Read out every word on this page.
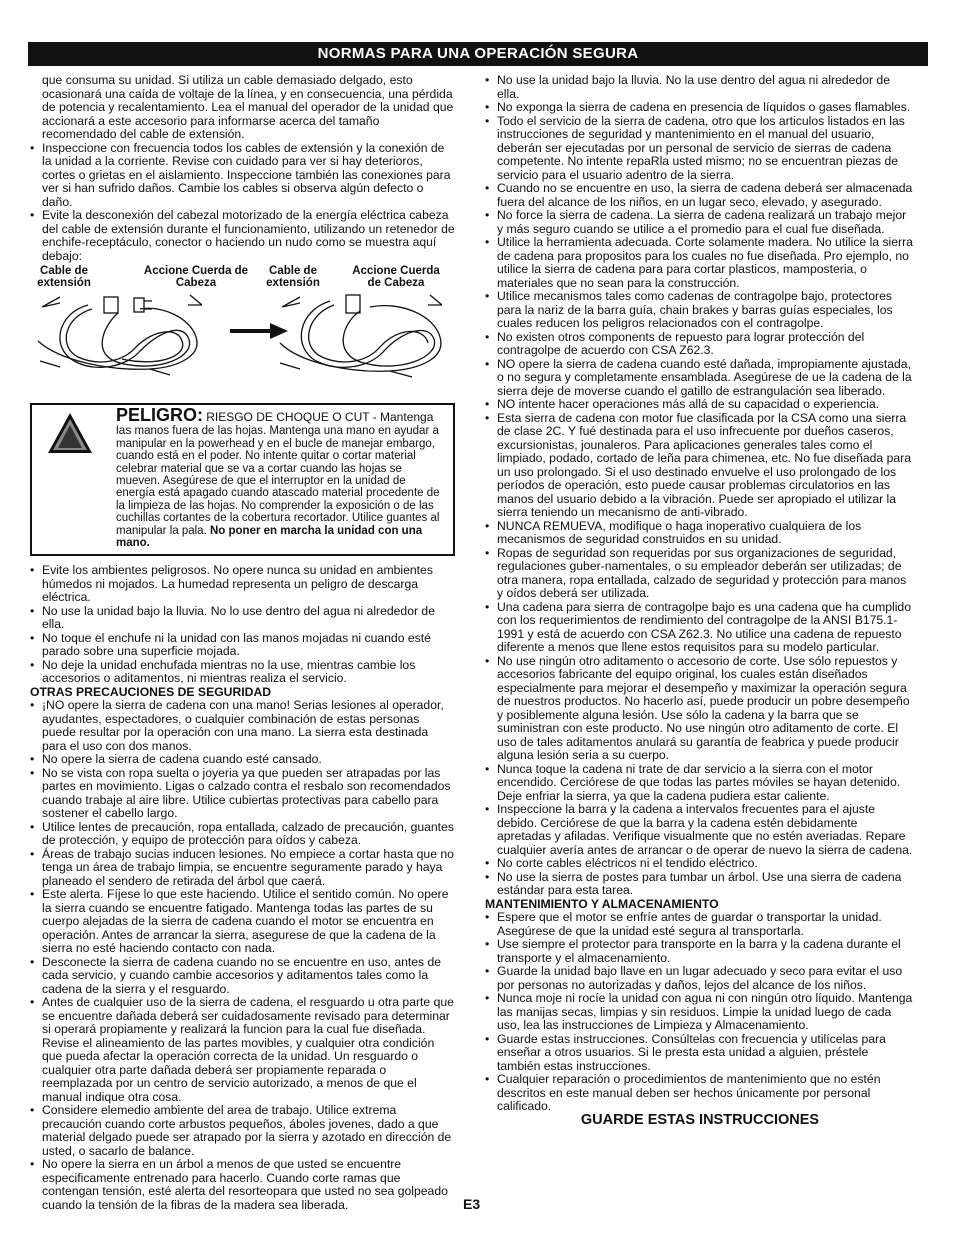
NORMAS PARA UNA OPERACIÓN SEGURA

que consuma su unidad. Si utiliza un cable demasiado delgado, esto ocasionará una caída de voltaje de la línea, y en consecuencia, una pérdida de potencia y recalentamiento. Lea el manual del operador de la unidad que accionará a este accesorio para informarse acerca del tamaño recomendado del cable de extensión.

• Inspeccione con frecuencia todos los cables de extensión y la conexión de la unidad a la corriente. Revise con cuidado para ver si hay deterioros, cortes o grietas en el aislamiento. Inspeccione también las conexiones para ver si han sufrido daños. Cambie los cables si observa algún defecto o daño.
• Evite la desconexión del cabezal motorizado de la energía eléctrica cabeza del cable de extensión durante el funcionamiento, utilizando un retenedor de enchife-receptáculo, conector o haciendo un nudo como se muestra aquí debajo:
Cable de extensión
Accione Cuerda de Cabeza
Cable de extensión
Accione Cuerda de Cabeza
PELIGRO: RIESGO DE CHOQUE O CUT - Mantenga las manos fuera de las hojas. Mantenga una mano en ayudar a manipular en la powerhead y en el bucle de manejar embargo, cuando está en el poder. No intente quitar o cortar material celebrar material que se va a cortar cuando las hojas se mueven. Asegúrese de que el interruptor en la unidad de energía está apagado cuando atascado material procedente de la limpieza de las hojas. No comprender la exposición o de las cuchillas cortantes de la cobertura recortador. Utilice guantes al manipular la pala. No poner en marcha la unidad con una mano.
• Evite los ambientes peligrosos. No opere nunca su unidad en ambientes húmedos ni mojados. La humedad representa un peligro de descarga eléctrica.
• No use la unidad bajo la lluvia. No lo use dentro del agua ni alrededor de ella.
• No toque el enchufe ni la unidad con las manos mojadas ni cuando esté parado sobre una superficie mojada.
• No deje la unidad enchufada mientras no la use, mientras cambie los accesorios o aditamentos, ni mientras realiza el servicio.

OTRAS PRECAUCIONES DE SEGURIDAD

• ¡NO opere la sierra de cadena con una mano! Serias lesiones al operador, ayudantes, espectadores, o cualquier combinación de estas personas puede resultar por la operación con una mano. La sierra esta destinada para el uso con dos manos.
• No opere la sierra de cadena cuando esté cansado.
• No se vista con ropa suelta o joyeria ya que pueden ser atrapadas por las partes en movimiento. Ligas o calzado contra el resbalo son recomendados cuando trabaje al aire libre. Utilice cubiertas protectivas para cabello para sostener el cabello largo.
• Utilice lentes de precaución, ropa entallada, calzado de precaución, guantes de protección, y equipo de protección para oídos y cabeza.
• Áreas de trabajo sucias inducen lesiones. No empiece a cortar hasta que no tenga un área de trabajo limpia, se encuentre seguramente parado y haya planeado el sendero de retirada del árbol que caerá.
• Este alerta. Fíjese lo que este haciendo. Utilice el sentido común. No opere la sierra cuando se encuentre fatigado. Mantenga todas las partes de su cuerpo alejadas de la sierra de cadena cuando el motor se encuentra en operación. Antes de arrancar la sierra, asegurese de que la cadena de la sierra no esté haciendo contacto con nada.
• Desconecte la sierra de cadena cuando no se encuentre en uso, antes de cada servicio, y cuando cambie accesorios y aditamentos tales como la cadena de la sierra y el resguardo.
• Antes de cualquier uso de la sierra de cadena, el resguardo u otra parte que se encuentre dañada deberá ser cuidadosamente revisado para determinar si operará propiamente y realizará la funcion para la cual fue diseñada. Revise el alineamiento de las partes movibles, y cualquier otra condición que pueda afectar la operación correcta de la unidad. Un resguardo o cualquier otra parte dañada deberá ser propiamente reparada o reemplazada por un centro de servicio autorizado, a menos de que el manual indique otra cosa.
• Considere elemedio ambiente del area de trabajo. Utilice extrema precaución cuando corte arbustos pequeños, áboles jovenes, dado a que material delgado puede ser atrapado por la sierra y azotado en dirección de usted, o sacarlo de balance.
• No opere la sierra en un árbol a menos de que usted se encuentre especificamente entrenado para hacerlo. Cuando corte ramas que contengan tensión, esté alerta del resorteopara que usted no sea golpeado cuando la tensión de la fibras de la madera sea liberada.
• No use la unidad bajo la lluvia. No la use dentro del agua ni alrededor de ella.
• No exponga la sierra de cadena en presencia de líquidos o gases flamables.
• Todo el servicio de la sierra de cadena, otro que los articulos listados en las instrucciones de seguridad y mantenimiento en el manual del usuario, deberán ser ejecutadas por un personal de servicio de sierras de cadena competente. No intente repaRla usted mismo; no se encuentran piezas de servicio para el usuario adentro de la sierra.
• Cuando no se encuentre en uso, la sierra de cadena deberá ser almacenada fuera del alcance de los niños, en un lugar seco, elevado, y asegurado.
• No force la sierra de cadena. La sierra de cadena realizará un trabajo mejor y más seguro cuando se utilice a el promedio para el cual fue diseñada.
• Utilice la herramienta adecuada. Corte solamente madera. No utilice la sierra de cadena para propositos para los cuales no fue diseñada. Pro ejemplo, no utilice la sierra de cadena para para cortar plasticos, mamposteria, o materiales que no sean para la construcción.
• Utilice mecanismos tales como cadenas de contragolpe bajo, protectores para la nariz de la barra guía, chain brakes y barras guías especiales, los cuales reducen los peligros relacionados con el contragolpe.
• No existen otros components de repuesto para lograr protección del contragolpe de acuerdo con CSA Z62.3.
• NO opere la sierra de cadena cuando esté dañada, impropiamente ajustada, o no segura y completamente ensamblada. Asegúrese de ue la cadena de la sierra deje de moverse cuando el gatillo de estrangulación sea liberado.
• NO intente hacer operaciones más allá de su capacidad o experiencia.
• Esta sierra de cadena con motor fue clasificada por la CSA como una sierra de clase 2C. Y fué destinada para el uso infrecuente por dueños caseros, excursionistas, jounaleros. Para aplicaciones generales tales como el limpiado, podado, cortado de leña para chimenea, etc. No fue diseñada para un uso prolongado. Si el uso destinado envuelve el uso prolongado de los períodos de operación, esto puede causar problemas circulatorios en las manos del usuario debido a la vibración. Puede ser apropiado el utilizar la sierra teniendo un mecanismo de anti-vibrado.
• NUNCA REMUEVA, modifique o haga inoperativo cualquiera de los mecanismos de seguridad construidos en su unidad.
• Ropas de seguridad son requeridas por sus organizaciones de seguridad, regulaciones guber-namentales, o su empleador deberán ser utilizadas; de otra manera, ropa entallada, calzado de seguridad y protección para manos y oídos deberá ser utilizada.
• Una cadena para sierra de contragolpe bajo es una cadena que ha cumplido con los requerimientos de rendimiento del contragolpe de la ANSI B175.1-1991 y está de acuerdo con CSA Z62.3. No utilice una cadena de repuesto diferente a menos que llene estos requisitos para su modelo particular.
• No use ningún otro aditamento o accesorio de corte. Use sólo repuestos y accesorios fabricante del equipo original, los cuales están diseñados especialmente para mejorar el desempeño y maximizar la operación segura de nuestros productos. No hacerlo así, puede producir un pobre desempeño y posiblemente alguna lesión. Use sólo la cadena y la barra que se suministran con este producto. No use ningún otro aditamento de corte. El uso de tales aditamentos anulará su garantía de feabrica y puede producir alguna lesión seria a su cuerpo.
• Nunca toque la cadena ni trate de dar servicio a la sierra con el motor encendido. Cerciórese de que todas las partes móviles se hayan detenido. Deje enfriar la sierra, ya que la cadena pudiera estar caliente.
• Inspeccione la barra y la cadena a intervalos frecuentes para el ajuste debido. Cerciórese de que la barra y la cadena estén debidamente apretadas y afiladas. Verifique visualmente que no estén averiadas. Repare cualquier avería antes de arrancar o de operar de nuevo la sierra de cadena.
• No corte cables eléctricos ni el tendido eléctrico.
• No use la sierra de postes para tumbar un árbol. Use una sierra de cadena estándar para esta tarea.

MANTENIMIENTO Y ALMACENAMIENTO

• Espere que el motor se enfríe antes de guardar o transportar la unidad. Asegúrese de que la unidad esté segura al transportarla.
• Use siempre el protector para transporte en la barra y la cadena durante el transporte y el almacenamiento.
• Guarde la unidad bajo llave en un lugar adecuado y seco para evitar el uso por personas no autorizadas y daños, lejos del alcance de los niños.
• Nunca moje ni rocíe la unidad con agua ni con ningún otro líquido. Mantenga las manijas secas, limpias y sin residuos. Limpie la unidad luego de cada uso, lea las instrucciones de Limpieza y Almacenamiento.
• Guarde estas instrucciones. Consúltelas con frecuencia y utilícelas para enseñar a otros usuarios. Si le presta esta unidad a alguien, préstele también estas instrucciones.
• Cualquier reparación o procedimientos de mantenimiento que no estén descritos en este manual deben ser hechos únicamente por personal calificado.

GUARDE ESTAS INSTRUCCIONES

E3
